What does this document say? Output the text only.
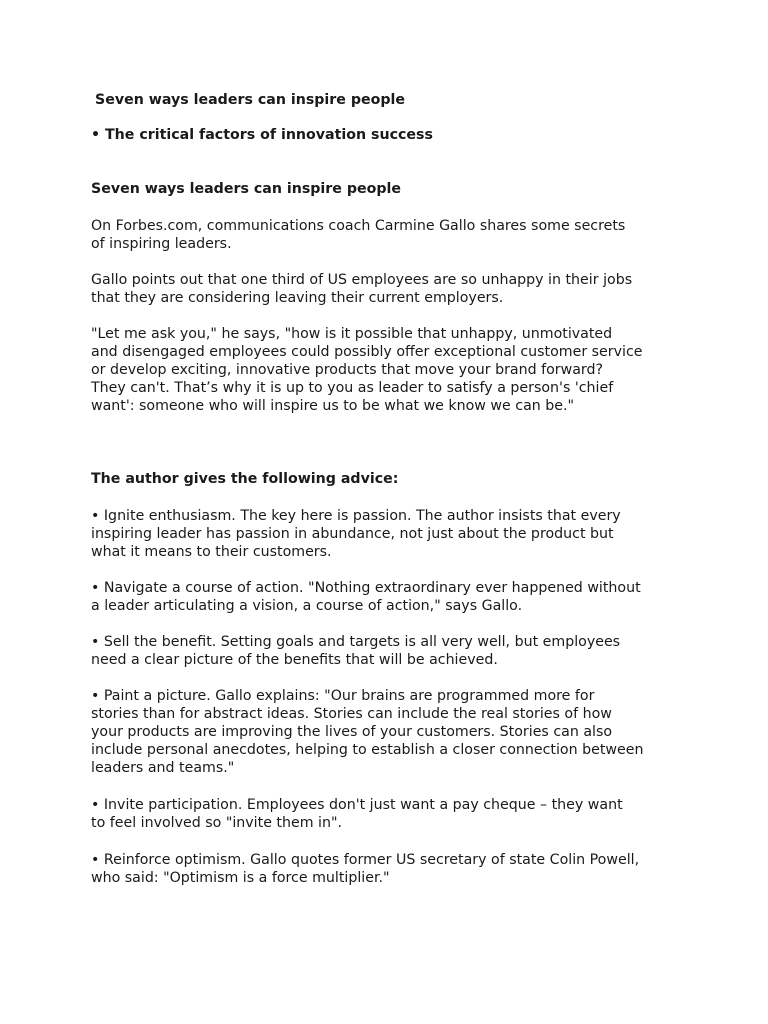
Seven ways leaders can inspire people

• The critical factors of innovation success

Seven ways leaders can inspire people

On Forbes.com, communications coach Carmine Gallo shares some secrets
of inspiring leaders.
Gallo points out that one third of US employees are so unhappy in their jobs
that they are considering leaving their current employers.
"Let me ask you," he says, "how is it possible that unhappy, unmotivated
and disengaged employees could possibly offer exceptional customer service
or develop exciting, innovative products that move your brand forward?
They can't. That’s why it is up to you as leader to satisfy a person's 'chief
want': someone who will inspire us to be what we know we can be."

The author gives the following advice:

• Ignite enthusiasm. The key here is passion. The author insists that every
inspiring leader has passion in abundance, not just about the product but
what it means to their customers.
• Navigate a course of action. "Nothing extraordinary ever happened without
a leader articulating a vision, a course of action," says Gallo.
• Sell the benefit. Setting goals and targets is all very well, but employees
need a clear picture of the benefits that will be achieved.
• Paint a picture. Gallo explains: "Our brains are programmed more for
stories than for abstract ideas. Stories can include the real stories of how
your products are improving the lives of your customers. Stories can also
include personal anecdotes, helping to establish a closer connection between
leaders and teams."
• Invite participation. Employees don't just want a pay cheque – they want
to feel involved so "invite them in".
• Reinforce optimism. Gallo quotes former US secretary of state Colin Powell,
who said: "Optimism is a force multiplier."
